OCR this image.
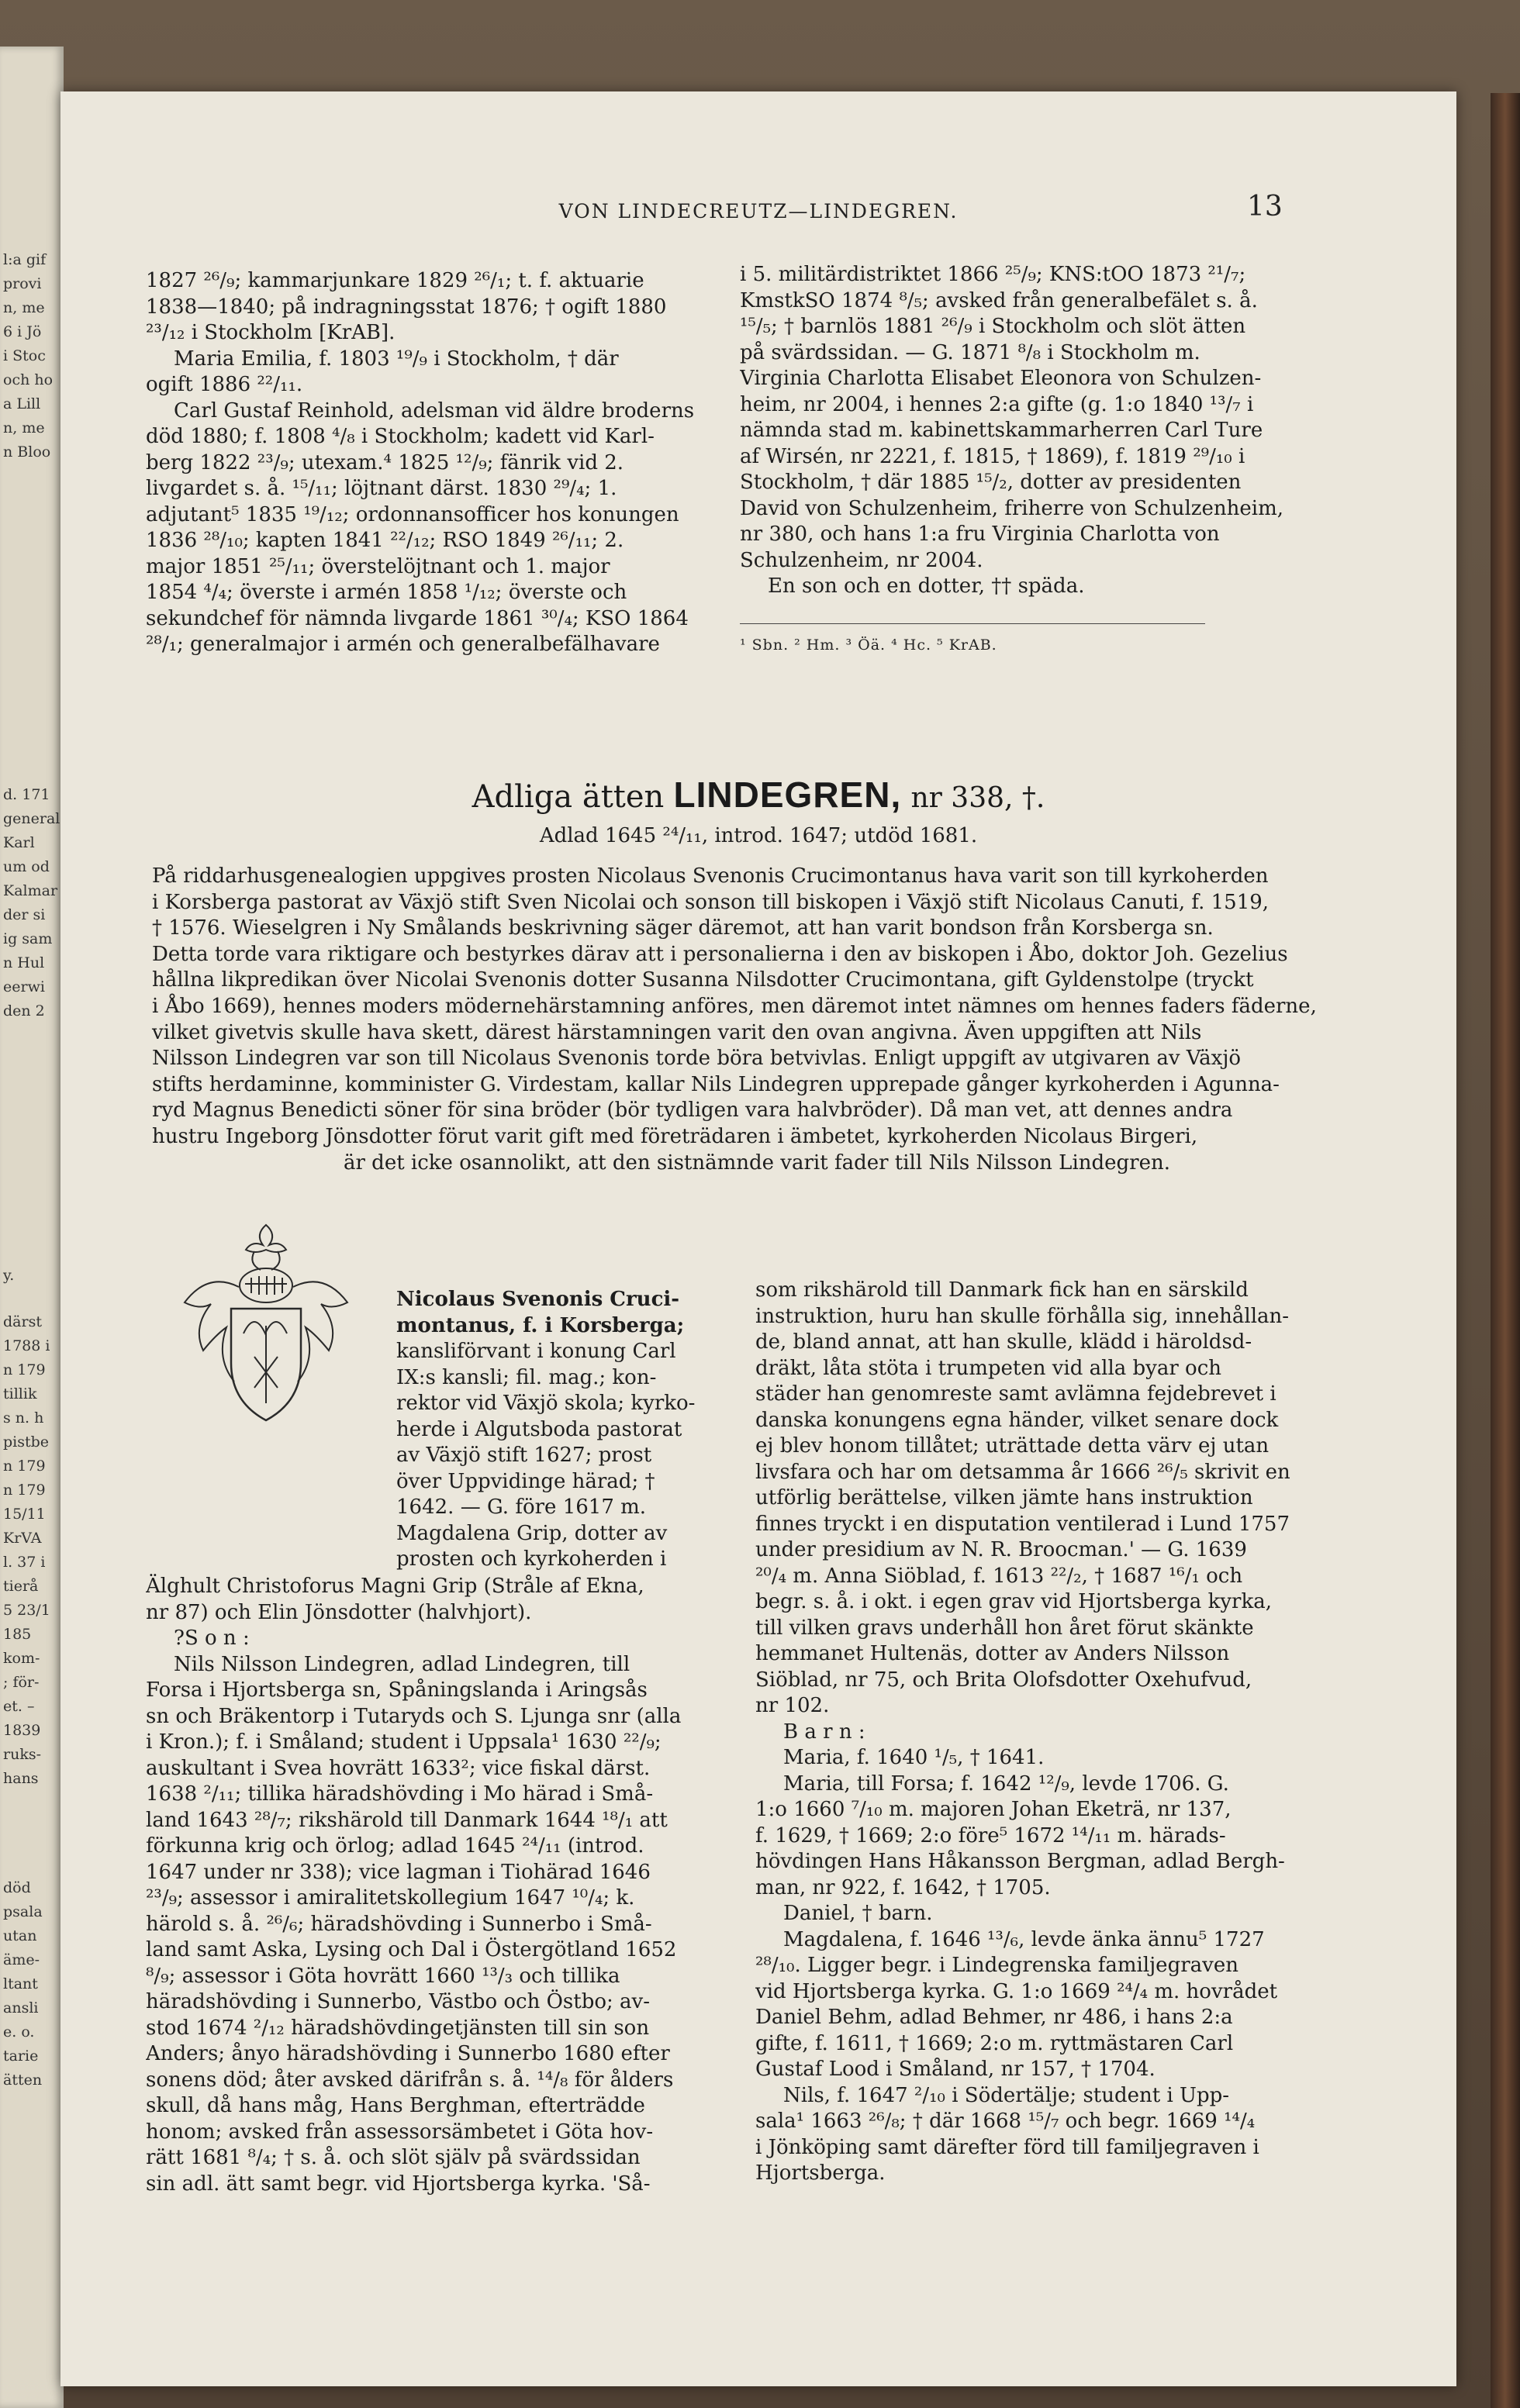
l:a gif
provi
n, me
6 i Jö
i Stoc
och ho
a Lill
n, me
n Bloo
d. 171
general
Karl
um od
Kalmar
der si
ig sam
n Hul
eerwi
den 2
y.
därst
1788 i
n 179
tillik
s n. h
pistbe
n 179
n 179
15/11
KrVA
l. 37 i
tierå
5 23/1
185
kom-
; för-
et. –
1839
ruks-
hans
död
psala
utan
äme-
ltant
ansli
e. o.
tarie
ätten
VON LINDECREUTZ—LINDEGREN.	13
1827 ²⁶/₉; kammarjunkare 1829 ²⁶/₁; t. f. aktuarie
1838—1840; på indragningsstat 1876; † ogift 1880
²³/₁₂ i Stockholm [KrAB].
Maria Emilia, f. 1803 ¹⁹/₉ i Stockholm, † där
ogift 1886 ²²/₁₁.
Carl Gustaf Reinhold, adelsman vid äldre broderns
död 1880; f. 1808 ⁴/₈ i Stockholm; kadett vid Karl-
berg 1822 ²³/₉; utexam.⁴ 1825 ¹²/₉; fänrik vid 2.
livgardet s. å. ¹⁵/₁₁; löjtnant därst. 1830 ²⁹/₄; 1.
adjutant⁵ 1835 ¹⁹/₁₂; ordonnansofficer hos konungen
1836 ²⁸/₁₀; kapten 1841 ²²/₁₂; RSO 1849 ²⁶/₁₁; 2.
major 1851 ²⁵/₁₁; överstelöjtnant och 1. major
1854 ⁴/₄; överste i armén 1858 ¹/₁₂; överste och
sekundchef för nämnda livgarde 1861 ³⁰/₄; KSO 1864
²⁸/₁; generalmajor i armén och generalbefälhavare
i 5. militärdistriktet 1866 ²⁵/₉; KNS:tOO 1873 ²¹/₇;
KmstkSO 1874 ⁸/₅; avsked från generalbefälet s. å.
¹⁵/₅; † barnlös 1881 ²⁶/₉ i Stockholm och slöt ätten
på svärdssidan. — G. 1871 ⁸/₈ i Stockholm m.
Virginia Charlotta Elisabet Eleonora von Schulzen-
heim, nr 2004, i hennes 2:a gifte (g. 1:o 1840 ¹³/₇ i
nämnda stad m. kabinettskammarherren Carl Ture
af Wirsén, nr 2221, f. 1815, † 1869), f. 1819 ²⁹/₁₀ i
Stockholm, † där 1885 ¹⁵/₂, dotter av presidenten
David von Schulzenheim, friherre von Schulzenheim,
nr 380, och hans 1:a fru Virginia Charlotta von
Schulzenheim, nr 2004.
En son och en dotter, †† späda.
¹ Sbn. ² Hm. ³ Öä. ⁴ Hc. ⁵ KrAB.
Adliga ätten LINDEGREN, nr 338, †.
Adlad 1645 ²⁴/₁₁, introd. 1647; utdöd 1681.
På riddarhusgenealogien uppgives prosten Nicolaus Svenonis Crucimontanus hava varit son till kyrkoherden
i Korsberga pastorat av Växjö stift Sven Nicolai och sonson till biskopen i Växjö stift Nicolaus Canuti, f. 1519,
† 1576. Wieselgren i Ny Smålands beskrivning säger däremot, att han varit bondson från Korsberga sn.
Detta torde vara riktigare och bestyrkes därav att i personalierna i den av biskopen i Åbo, doktor Joh. Gezelius
hållna likpredikan över Nicolai Svenonis dotter Susanna Nilsdotter Crucimontana, gift Gyldenstolpe (tryckt
i Åbo 1669), hennes moders mödernehärstamning anföres, men däremot intet nämnes om hennes faders fäderne,
vilket givetvis skulle hava skett, därest härstamningen varit den ovan angivna. Även uppgiften att Nils
Nilsson Lindegren var son till Nicolaus Svenonis torde böra betvivlas. Enligt uppgift av utgivaren av Växjö
stifts herdaminne, komminister G. Virdestam, kallar Nils Lindegren upprepade gånger kyrkoherden i Agunna-
ryd Magnus Benedicti söner för sina bröder (bör tydligen vara halvbröder). Då man vet, att dennes andra
hustru Ingeborg Jönsdotter förut varit gift med företrädaren i ämbetet, kyrkoherden Nicolaus Birgeri,
är det icke osannolikt, att den sistnämnde varit fader till Nils Nilsson Lindegren.
Nicolaus Svenonis Cruci-
montanus, f. i Korsberga;
kansliförvant i konung Carl
IX:s kansli; fil. mag.; kon-
rektor vid Växjö skola; kyrko-
herde i Algutsboda pastorat
av Växjö stift 1627; prost
över Uppvidinge härad; †
1642. — G. före 1617 m.
Magdalena Grip, dotter av
prosten och kyrkoherden i
Älghult Christoforus Magni Grip (Stråle af Ekna,
nr 87) och Elin Jönsdotter (halvhjort).
?S o n :
Nils Nilsson Lindegren, adlad Lindegren, till
Forsa i Hjortsberga sn, Spåningslanda i Aringsås
sn och Bräkentorp i Tutaryds och S. Ljunga snr (alla
i Kron.); f. i Småland; student i Uppsala¹ 1630 ²²/₉;
auskultant i Svea hovrätt 1633²; vice fiskal därst.
1638 ²/₁₁; tillika häradshövding i Mo härad i Små-
land 1643 ²⁸/₇; rikshärold till Danmark 1644 ¹⁸/₁ att
förkunna krig och örlog; adlad 1645 ²⁴/₁₁ (introd.
1647 under nr 338); vice lagman i Tiohärad 1646
²³/₉; assessor i amiralitetskollegium 1647 ¹⁰/₄; k.
härold s. å. ²⁶/₆; häradshövding i Sunnerbo i Små-
land samt Aska, Lysing och Dal i Östergötland 1652
⁸/₉; assessor i Göta hovrätt 1660 ¹³/₃ och tillika
häradshövding i Sunnerbo, Västbo och Östbo; av-
stod 1674 ²/₁₂ häradshövdingetjänsten till sin son
Anders; ånyo häradshövding i Sunnerbo 1680 efter
sonens död; åter avsked därifrån s. å. ¹⁴/₈ för ålders
skull, då hans måg, Hans Berghman, efterträdde
honom; avsked från assessorsämbetet i Göta hov-
rätt 1681 ⁸/₄; † s. å. och slöt själv på svärdssidan
sin adl. ätt samt begr. vid Hjortsberga kyrka. 'Så-
som rikshärold till Danmark fick han en särskild
instruktion, huru han skulle förhålla sig, innehållan-
de, bland annat, att han skulle, klädd i häroldsd-
dräkt, låta stöta i trumpeten vid alla byar och
städer han genomreste samt avlämna fejdebrevet i
danska konungens egna händer, vilket senare dock
ej blev honom tillåtet; uträttade detta värv ej utan
livsfara och har om detsamma år 1666 ²⁶/₅ skrivit en
utförlig berättelse, vilken jämte hans instruktion
finnes tryckt i en disputation ventilerad i Lund 1757
under presidium av N. R. Broocman.' — G. 1639
²⁰/₄ m. Anna Siöblad, f. 1613 ²²/₂, † 1687 ¹⁶/₁ och
begr. s. å. i okt. i egen grav vid Hjortsberga kyrka,
till vilken gravs underhåll hon året förut skänkte
hemmanet Hultenäs, dotter av Anders Nilsson
Siöblad, nr 75, och Brita Olofsdotter Oxehufvud,
nr 102.
B a r n :
Maria, f. 1640 ¹/₅, † 1641.
Maria, till Forsa; f. 1642 ¹²/₉, levde 1706. G.
1:o 1660 ⁷/₁₀ m. majoren Johan Eketrä, nr 137,
f. 1629, † 1669; 2:o före⁵ 1672 ¹⁴/₁₁ m. härads-
hövdingen Hans Håkansson Bergman, adlad Bergh-
man, nr 922, f. 1642, † 1705.
Daniel, † barn.
Magdalena, f. 1646 ¹³/₆, levde änka ännu⁵ 1727
²⁸/₁₀. Ligger begr. i Lindegrenska familjegraven
vid Hjortsberga kyrka. G. 1:o 1669 ²⁴/₄ m. hovrådet
Daniel Behm, adlad Behmer, nr 486, i hans 2:a
gifte, f. 1611, † 1669; 2:o m. ryttmästaren Carl
Gustaf Lood i Småland, nr 157, † 1704.
Nils, f. 1647 ²/₁₀ i Södertälje; student i Upp-
sala¹ 1663 ²⁶/₈; † där 1668 ¹⁵/₇ och begr. 1669 ¹⁴/₄
i Jönköping samt därefter förd till familjegraven i
Hjortsberga.
